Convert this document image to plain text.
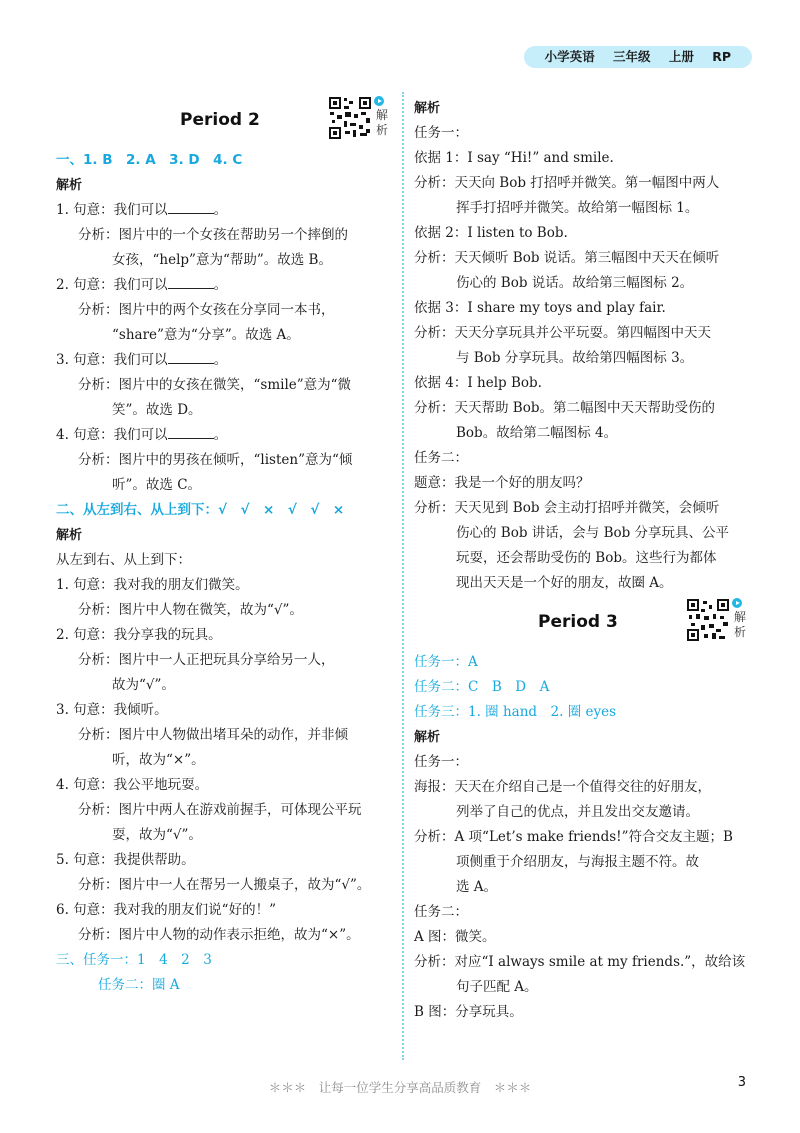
小学英语 三年级 上册 RP
Period 2	解
析
一、1. B　2. A　3. D　4. C
解析
1. 句意：我们可以	。
分析：图片中的一个女孩在帮助另一个摔倒的
女孩，“help”意为“帮助”。故选 B。
2. 句意：我们可以	。
分析：图片中的两个女孩在分享同一本书，
“share”意为“分享”。故选 A。
3. 句意：我们可以	。
分析：图片中的女孩在微笑，“smile”意为“微
笑”。故选 D。
4. 句意：我们可以	。
分析：图片中的男孩在倾听，“listen”意为“倾
听”。故选 C。
二、从左到右、从上到下：√　√　×　√　√　×
解析
从左到右、从上到下：
1. 句意：我对我的朋友们微笑。
分析：图片中人物在微笑，故为“√”。
2. 句意：我分享我的玩具。
分析：图片中一人正把玩具分享给另一人，
故为“√”。
3. 句意：我倾听。
分析：图片中人物做出堵耳朵的动作，并非倾
听，故为“×”。
4. 句意：我公平地玩耍。
分析：图片中两人在游戏前握手，可体现公平玩
耍，故为“√”。
5. 句意：我提供帮助。
分析：图片中一人在帮另一人搬桌子，故为“√”。
6. 句意：我对我的朋友们说“好的！”
分析：图片中人物的动作表示拒绝，故为“×”。
三、任务一：1　4　2　3
任务二：圈 A
解析
任务一：
依据 1：I say “Hi!” and smile.
分析：天天向 Bob 打招呼并微笑。第一幅图中两人
挥手打招呼并微笑。故给第一幅图标 1。
依据 2：I listen to Bob.
分析：天天倾听 Bob 说话。第三幅图中天天在倾听
伤心的 Bob 说话。故给第三幅图标 2。
依据 3：I share my toys and play fair.
分析：天天分享玩具并公平玩耍。第四幅图中天天
与 Bob 分享玩具。故给第四幅图标 3。
依据 4：I help Bob.
分析：天天帮助 Bob。第二幅图中天天帮助受伤的
Bob。故给第二幅图标 4。
任务二：
题意：我是一个好的朋友吗？
分析：天天见到 Bob 会主动打招呼并微笑，会倾听
伤心的 Bob 讲话，会与 Bob 分享玩具、公平
玩耍，还会帮助受伤的 Bob。这些行为都体
现出天天是一个好的朋友，故圈 A。
Period 3	解
析
任务一：A
任务二：C　B　D　A
任务三：1. 圈 hand　2. 圈 eyes
解析
任务一：
海报：天天在介绍自己是一个值得交往的好朋友，
列举了自己的优点，并且发出交友邀请。
分析：A 项“Let’s make friends!”符合交友主题；B
项侧重于介绍朋友，与海报主题不符。故
选 A。
任务二：
A 图：微笑。
分析：对应“I always smile at my friends.”，故给该
句子匹配 A。
B 图：分享玩具。
＊＊＊　让每一位学生分享高品质教育　＊＊＊	3
